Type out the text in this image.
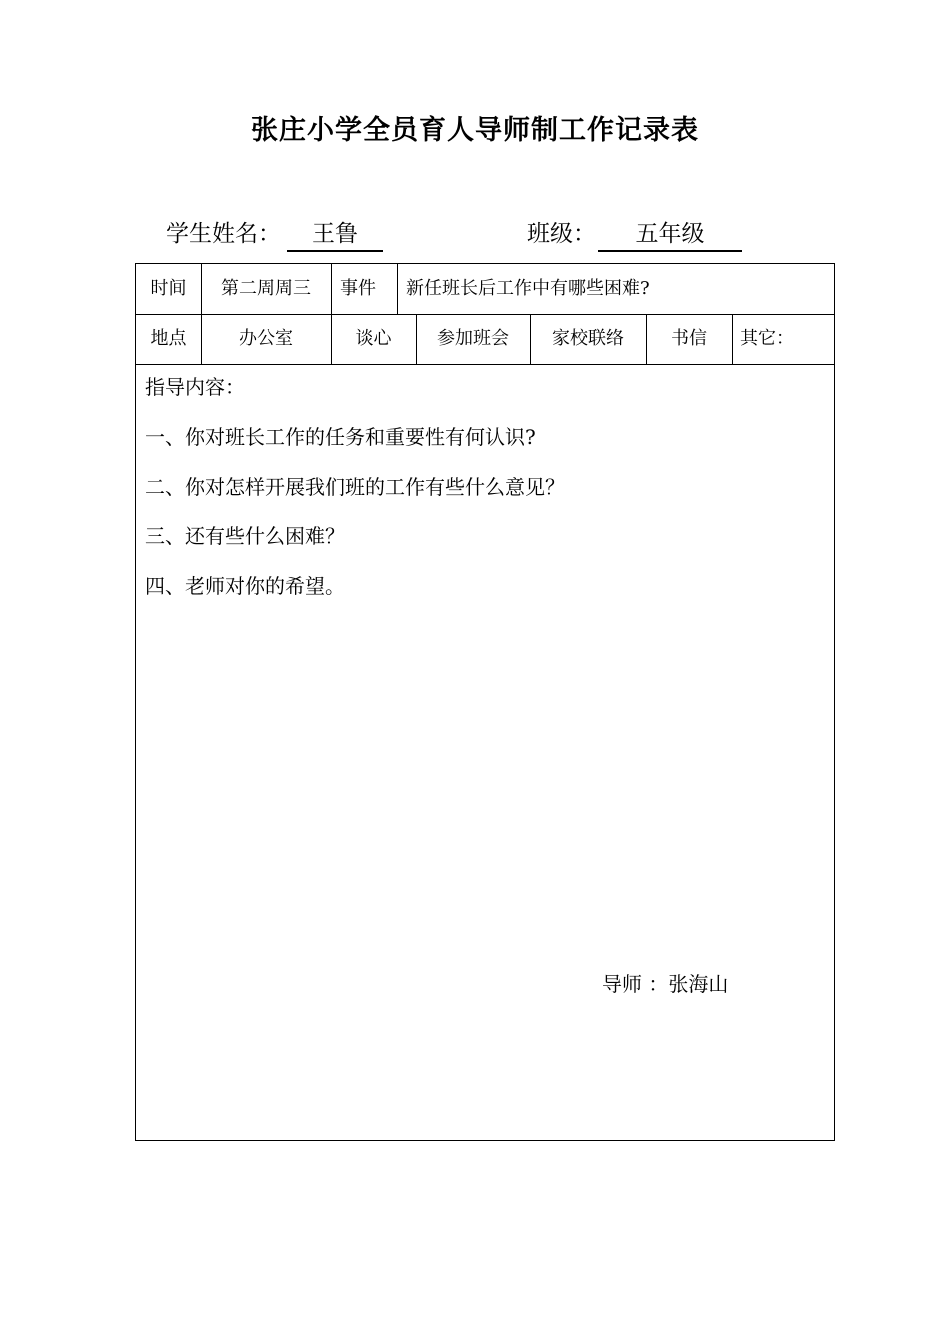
张庄小学全员育人导师制工作记录表
学生姓名：	王鲁	班级：	五年级
时间	第二周周三	事件	新任班长后工作中有哪些困难?
地点	办公室	谈心	参加班会	家校联络	书信	其它：
指导内容：
一、你对班长工作的任务和重要性有何认识?
二、你对怎样开展我们班的工作有些什么意见？
三、还有些什么困难？
四、老师对你的希望。
导师 ：张海山
